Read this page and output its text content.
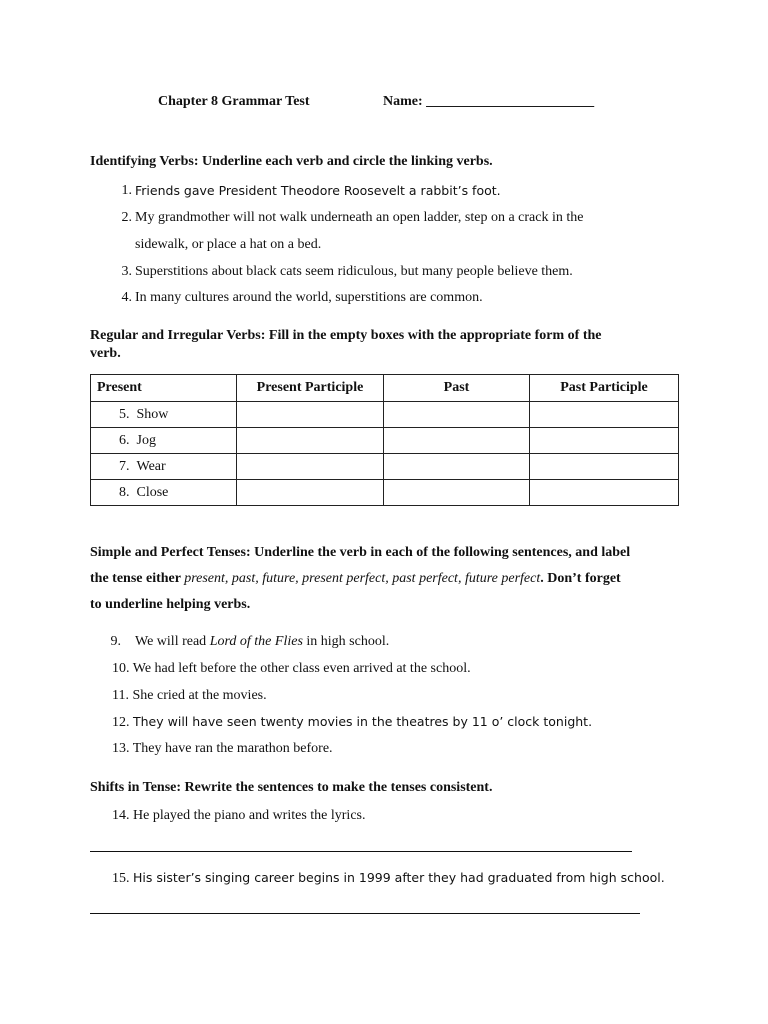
Chapter 8 Grammar Test	Name: ________________________
Identifying Verbs: Underline each verb and circle the linking verbs.
1. Friends gave President Theodore Roosevelt a rabbit’s foot.
2. My grandmother will not walk underneath an open ladder, step on a crack in the
sidewalk, or place a hat on a bed.
3. Superstitions about black cats seem ridiculous, but many people believe them.
4. In many cultures around the world, superstitions are common.
Regular and Irregular Verbs: Fill in the empty boxes with the appropriate form of the
verb.
Present	Present Participle	Past	Past Participle
5. Show			
6. Jog			
7. Wear			
8. Close			
Simple and Perfect Tenses: Underline the verb in each of the following sentences, and label
the tense either present, past, future, present perfect, past perfect, future perfect. Don’t forget
to underline helping verbs.
9. We will read Lord of the Flies in high school.
10. We had left before the other class even arrived at the school.
11. She cried at the movies.
12. They will have seen twenty movies in the theatres by 11 o’ clock tonight.
13. They have ran the marathon before.
Shifts in Tense: Rewrite the sentences to make the tenses consistent.
14. He played the piano and writes the lyrics.
15. His sister’s singing career begins in 1999 after they had graduated from high school.
